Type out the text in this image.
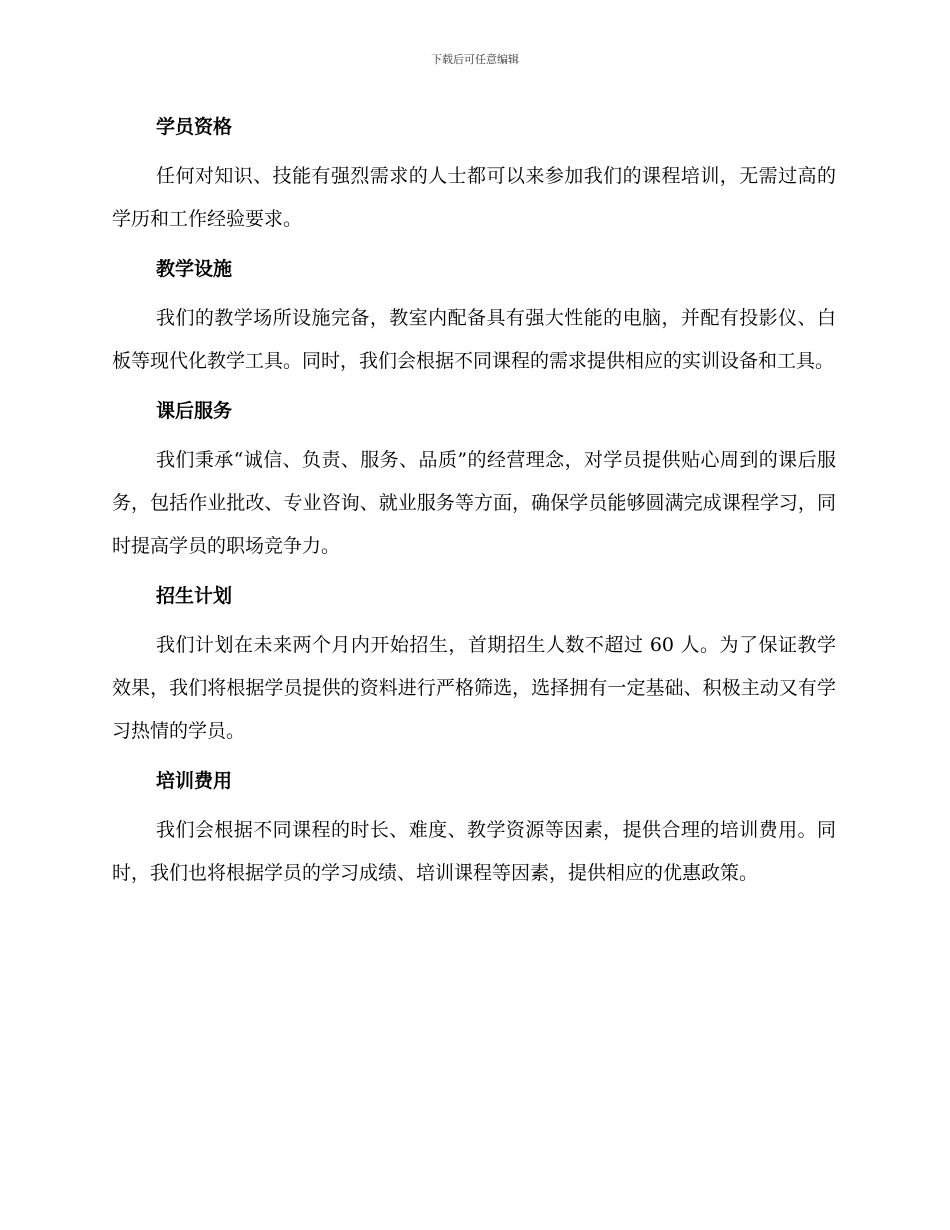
下载后可任意编辑
学员资格

任何对知识、技能有强烈需求的人士都可以来参加我们的课程培训，无需过高的学历和工作经验要求。

教学设施

我们的教学场所设施完备，教室内配备具有强大性能的电脑，并配有投影仪、白板等现代化教学工具。同时，我们会根据不同课程的需求提供相应的实训设备和工具。

课后服务

我们秉承“诚信、负责、服务、品质”的经营理念，对学员提供贴心周到的课后服务，包括作业批改、专业咨询、就业服务等方面，确保学员能够圆满完成课程学习，同时提高学员的职场竞争力。

招生计划

我们计划在未来两个月内开始招生，首期招生人数不超过 60 人。为了保证教学效果，我们将根据学员提供的资料进行严格筛选，选择拥有一定基础、积极主动又有学习热情的学员。

培训费用

我们会根据不同课程的时长、难度、教学资源等因素，提供合理的培训费用。同时，我们也将根据学员的学习成绩、培训课程等因素，提供相应的优惠政策。
